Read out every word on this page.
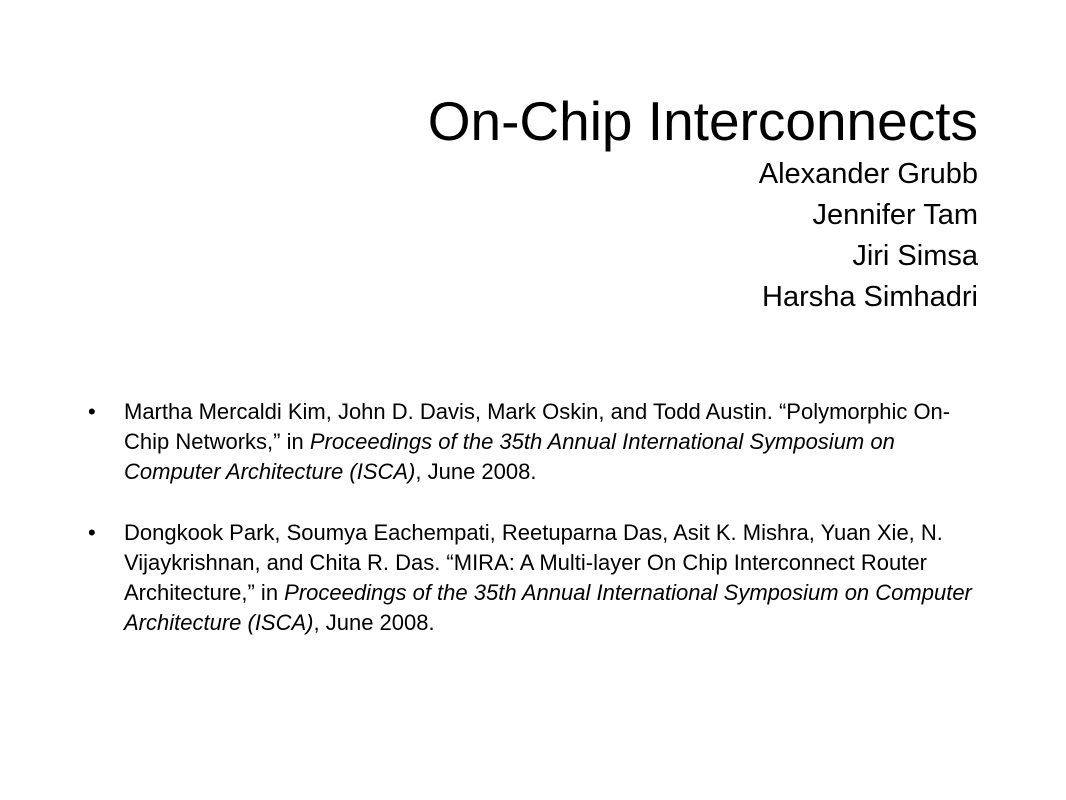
On-Chip Interconnects
Alexander Grubb
Jennifer Tam
Jiri Simsa
Harsha Simhadri
• Martha Mercaldi Kim, John D. Davis, Mark Oskin, and Todd Austin. “Polymorphic On- Chip Networks,” in Proceedings of the 35th Annual International Symposium on Computer Architecture (ISCA), June 2008.
• Dongkook Park, Soumya Eachempati, Reetuparna Das, Asit K. Mishra, Yuan Xie, N. Vijaykrishnan, and Chita R. Das. “MIRA: A Multi-layer On Chip Interconnect Router Architecture,” in Proceedings of the 35th Annual International Symposium on Computer Architecture (ISCA), June 2008.
